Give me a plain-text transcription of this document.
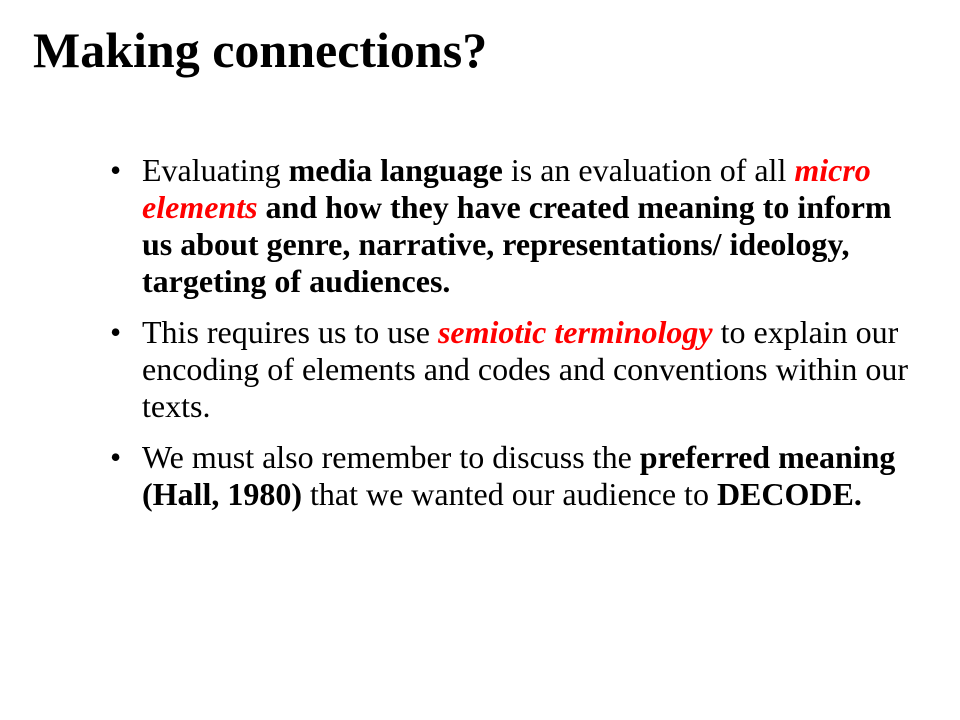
Making connections?
• Evaluating media language is an evaluation of all micro elements and how they have created meaning to inform us about genre, narrative, representations/ ideology, targeting of audiences.
• This requires us to use semiotic terminology to explain our encoding of elements and codes and conventions within our texts.
• We must also remember to discuss the preferred meaning (Hall, 1980) that we wanted our audience to DECODE.
